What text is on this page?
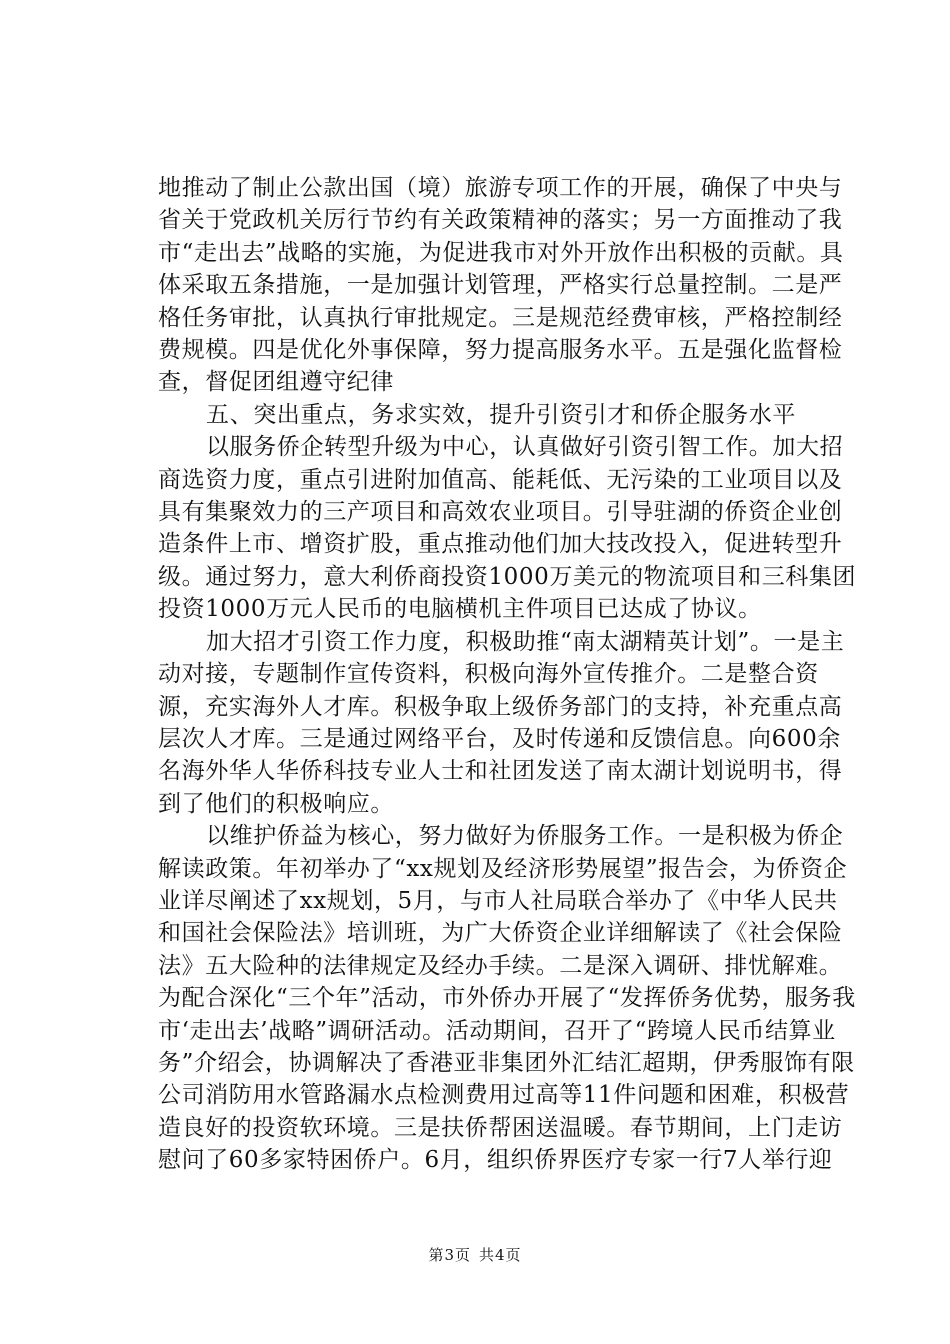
地推动了制止公款出国（境）旅游专项工作的开展，确保了中央与省关于党政机关厉行节约有关政策精神的落实；另一方面推动了我市“走出去”战略的实施，为促进我市对外开放作出积极的贡献。具体采取五条措施，一是加强计划管理，严格实行总量控制。二是严格任务审批，认真执行审批规定。三是规范经费审核，严格控制经费规模。四是优化外事保障，努力提高服务水平。五是强化监督检查，督促团组遵守纪律

五、突出重点，务求实效，提升引资引才和侨企服务水平

以服务侨企转型升级为中心，认真做好引资引智工作。加大招商选资力度，重点引进附加值高、能耗低、无污染的工业项目以及具有集聚效力的三产项目和高效农业项目。引导驻湖的侨资企业创造条件上市、增资扩股，重点推动他们加大技改投入，促进转型升级。通过努力，意大利侨商投资1000万美元的物流项目和三科集团投资1000万元人民币的电脑横机主件项目已达成了协议。

加大招才引资工作力度，积极助推“南太湖精英计划”。一是主动对接，专题制作宣传资料，积极向海外宣传推介。二是整合资源，充实海外人才库。积极争取上级侨务部门的支持，补充重点高层次人才库。三是通过网络平台，及时传递和反馈信息。向600余名海外华人华侨科技专业人士和社团发送了南太湖计划说明书，得到了他们的积极响应。

以维护侨益为核心，努力做好为侨服务工作。一是积极为侨企解读政策。年初举办了“xx规划及经济形势展望”报告会，为侨资企业详尽阐述了xx规划，5月，与市人社局联合举办了《中华人民共和国社会保险法》培训班，为广大侨资企业详细解读了《社会保险法》五大险种的法律规定及经办手续。二是深入调研、排忧解难。为配合深化“三个年”活动，市外侨办开展了“发挥侨务优势，服务我市‘走出去’战略”调研活动。活动期间，召开了“跨境人民币结算业务”介绍会，协调解决了香港亚非集团外汇结汇超期，伊秀服饰有限公司消防用水管路漏水点检测费用过高等11件问题和困难，积极营造良好的投资软环境。三是扶侨帮困送温暖。春节期间，上门走访慰问了60多家特困侨户。6月，组织侨界医疗专家一行7人举行迎

第3页 共4页
